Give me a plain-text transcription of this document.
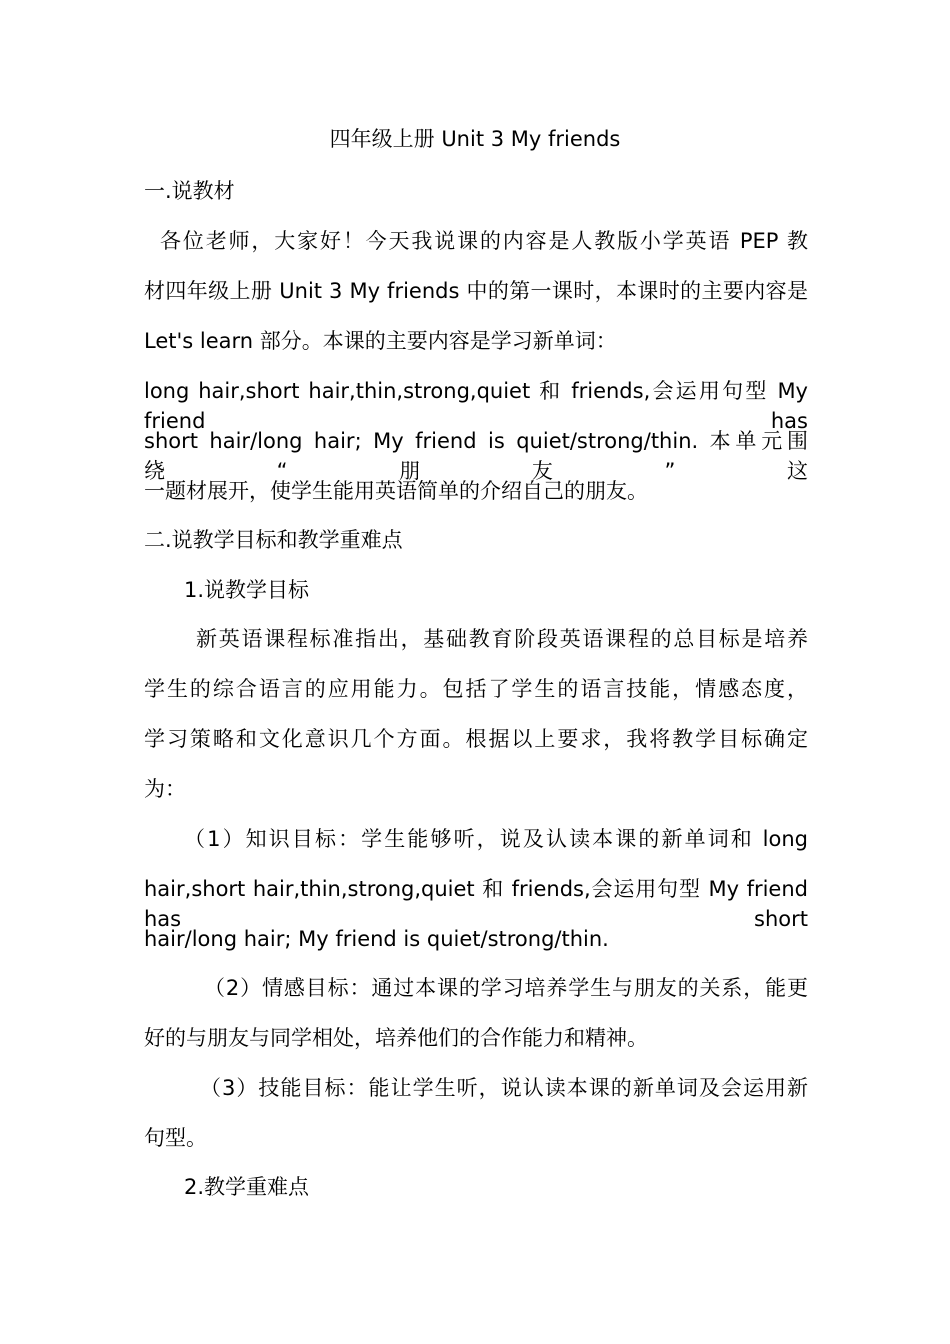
四年级上册 Unit 3 My friends
一.说教材
各位老师，大家好！今天我说课的内容是人教版小学英语 PEP 教
材四年级上册 Unit 3 My friends 中的第一课时，本课时的主要内容是
Let's learn 部分。本课的主要内容是学习新单词：
long hair,short hair,thin,strong,quiet 和 friends,会运用句型 My friend has
short hair/long hair; My friend is quiet/strong/thin. 本单元围绕“朋友”这
一题材展开，使学生能用英语简单的介绍自己的朋友。
二.说教学目标和教学重难点
1.说教学目标
新英语课程标准指出，基础教育阶段英语课程的总目标是培养
学生的综合语言的应用能力。包括了学生的语言技能，情感态度，
学习策略和文化意识几个方面。根据以上要求，我将教学目标确定
为：
（1）知识目标：学生能够听，说及认读本课的新单词和 long
hair,short hair,thin,strong,quiet 和 friends,会运用句型 My friend has short
hair/long hair; My friend is quiet/strong/thin.
（2）情感目标：通过本课的学习培养学生与朋友的关系，能更
好的与朋友与同学相处，培养他们的合作能力和精神。
（3）技能目标：能让学生听，说认读本课的新单词及会运用新
句型。
2.教学重难点
